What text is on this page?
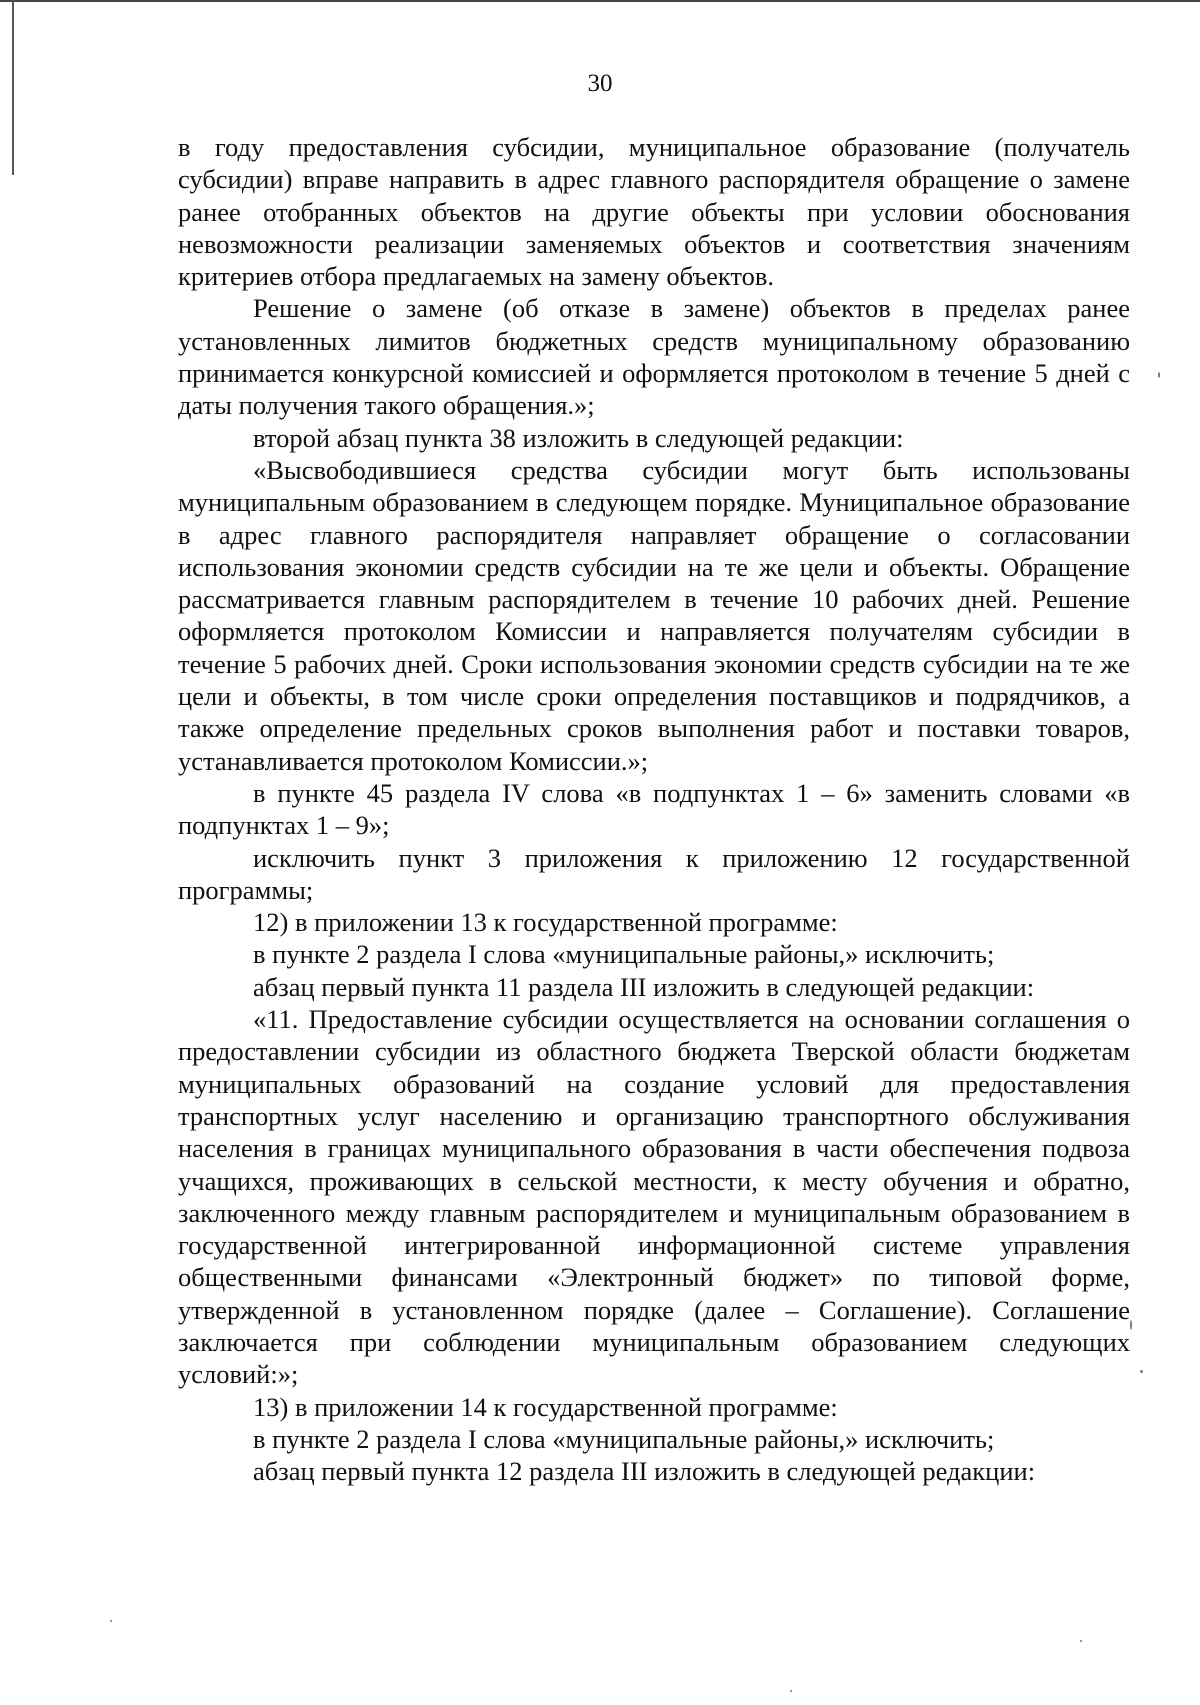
30

в году предоставления субсидии, муниципальное образование (получатель субсидии) вправе направить в адрес главного распорядителя обращение о замене ранее отобранных объектов на другие объекты при условии обоснования невозможности реализации заменяемых объектов и соответствия значениям критериев отбора предлагаемых на замену объектов.

Решение о замене (об отказе в замене) объектов в пределах ранее установленных лимитов бюджетных средств муниципальному образованию принимается конкурсной комиссией и оформляется протоколом в течение 5 дней с даты получения такого обращения.»;

второй абзац пункта 38 изложить в следующей редакции:

«Высвободившиеся средства субсидии могут быть использованы муниципальным образованием в следующем порядке. Муниципальное образование в адрес главного распорядителя направляет обращение о согласовании использования экономии средств субсидии на те же цели и объекты. Обращение рассматривается главным распорядителем в течение 10 рабочих дней. Решение оформляется протоколом Комиссии и направляется получателям субсидии в течение 5 рабочих дней. Сроки использования экономии средств субсидии на те же цели и объекты, в том числе сроки определения поставщиков и подрядчиков, а также определение предельных сроков выполнения работ и поставки товаров, устанавливается протоколом Комиссии.»;

в пункте 45 раздела IV слова «в подпунктах 1 – 6» заменить словами «в подпунктах 1 – 9»;

исключить пункт 3 приложения к приложению 12 государственной программы;

12) в приложении 13 к государственной программе:

в пункте 2 раздела I слова «муниципальные районы,» исключить;

абзац первый пункта 11 раздела III изложить в следующей редакции:

«11. Предоставление субсидии осуществляется на основании соглашения о предоставлении субсидии из областного бюджета Тверской области бюджетам муниципальных образований на создание условий для предоставления транспортных услуг населению и организацию транспортного обслуживания населения в границах муниципального образования в части обеспечения подвоза учащихся, проживающих в сельской местности, к месту обучения и обратно, заключенного между главным распорядителем и муниципальным образованием в государственной интегрированной информационной системе управления общественными финансами «Электронный бюджет» по типовой форме, утвержденной в установленном порядке (далее – Соглашение). Соглашение заключается при соблюдении муниципальным образованием следующих условий:»;

13) в приложении 14 к государственной программе:

в пункте 2 раздела I слова «муниципальные районы,» исключить;

абзац первый пункта 12 раздела III изложить в следующей редакции:
